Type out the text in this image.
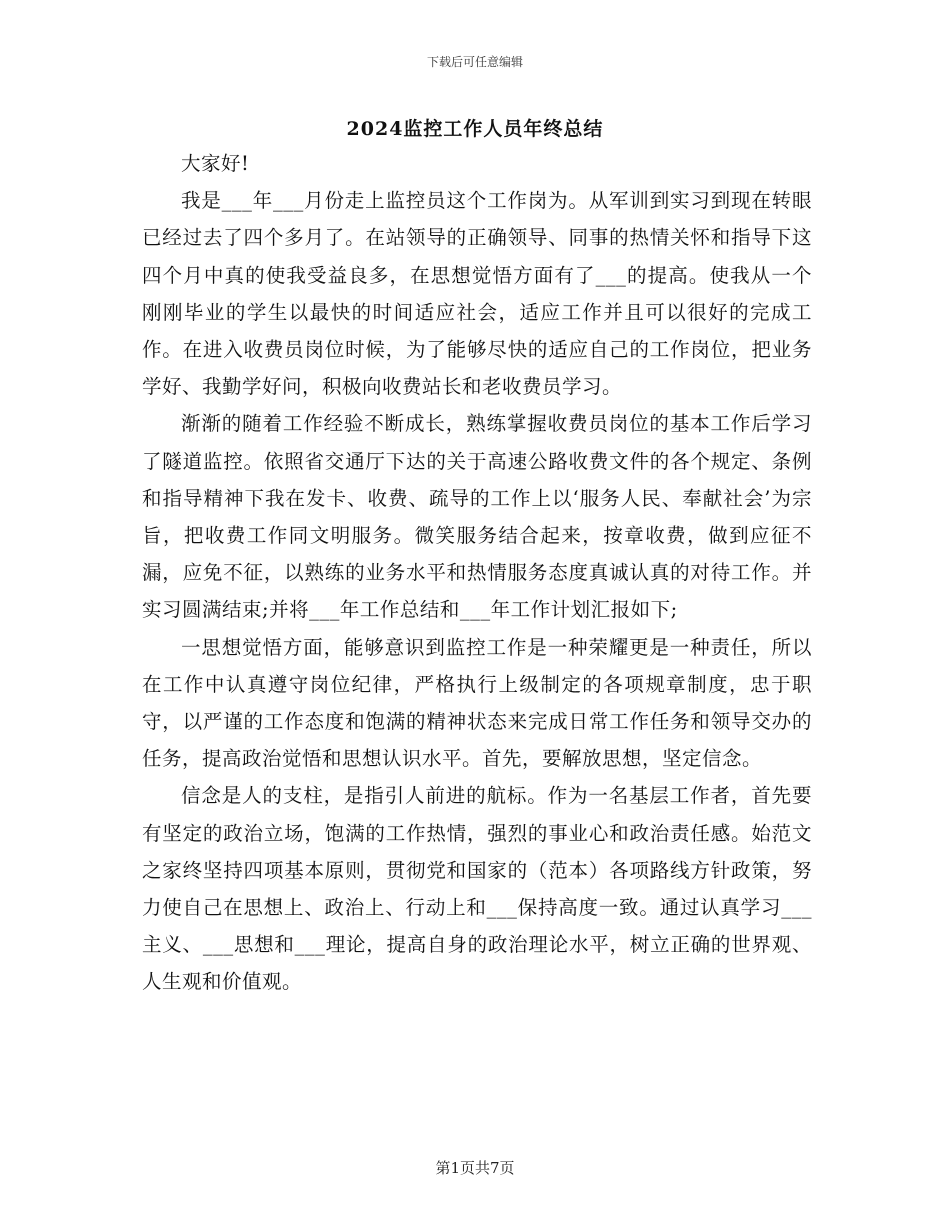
下载后可任意编辑
2024监控工作人员年终总结

大家好!

我是___年___月份走上监控员这个工作岗为。从军训到实习到现在转眼已经过去了四个多月了。在站领导的正确领导、同事的热情关怀和指导下这四个月中真的使我受益良多，在思想觉悟方面有了___的提高。使我从一个刚刚毕业的学生以最快的时间适应社会，适应工作并且可以很好的完成工作。在进入收费员岗位时候，为了能够尽快的适应自己的工作岗位，把业务学好、我勤学好问，积极向收费站长和老收费员学习。

渐渐的随着工作经验不断成长，熟练掌握收费员岗位的基本工作后学习了隧道监控。依照省交通厅下达的关于高速公路收费文件的各个规定、条例和指导精神下我在发卡、收费、疏导的工作上以‘服务人民、奉献社会’为宗旨，把收费工作同文明服务。微笑服务结合起来，按章收费，做到应征不漏，应免不征，以熟练的业务水平和热情服务态度真诚认真的对待工作。并实习圆满结束;并将___年工作总结和___年工作计划汇报如下;

一思想觉悟方面，能够意识到监控工作是一种荣耀更是一种责任，所以在工作中认真遵守岗位纪律，严格执行上级制定的各项规章制度，忠于职守，以严谨的工作态度和饱满的精神状态来完成日常工作任务和领导交办的任务，提高政治觉悟和思想认识水平。首先，要解放思想，坚定信念。

信念是人的支柱，是指引人前进的航标。作为一名基层工作者，首先要有坚定的政治立场，饱满的工作热情，强烈的事业心和政治责任感。始范文之家终坚持四项基本原则，贯彻党和国家的（范本）各项路线方针政策，努力使自己在思想上、政治上、行动上和___保持高度一致。通过认真学习___主义、___思想和___理论，提高自身的政治理论水平，树立正确的世界观、人生观和价值观。

第1页共7页
